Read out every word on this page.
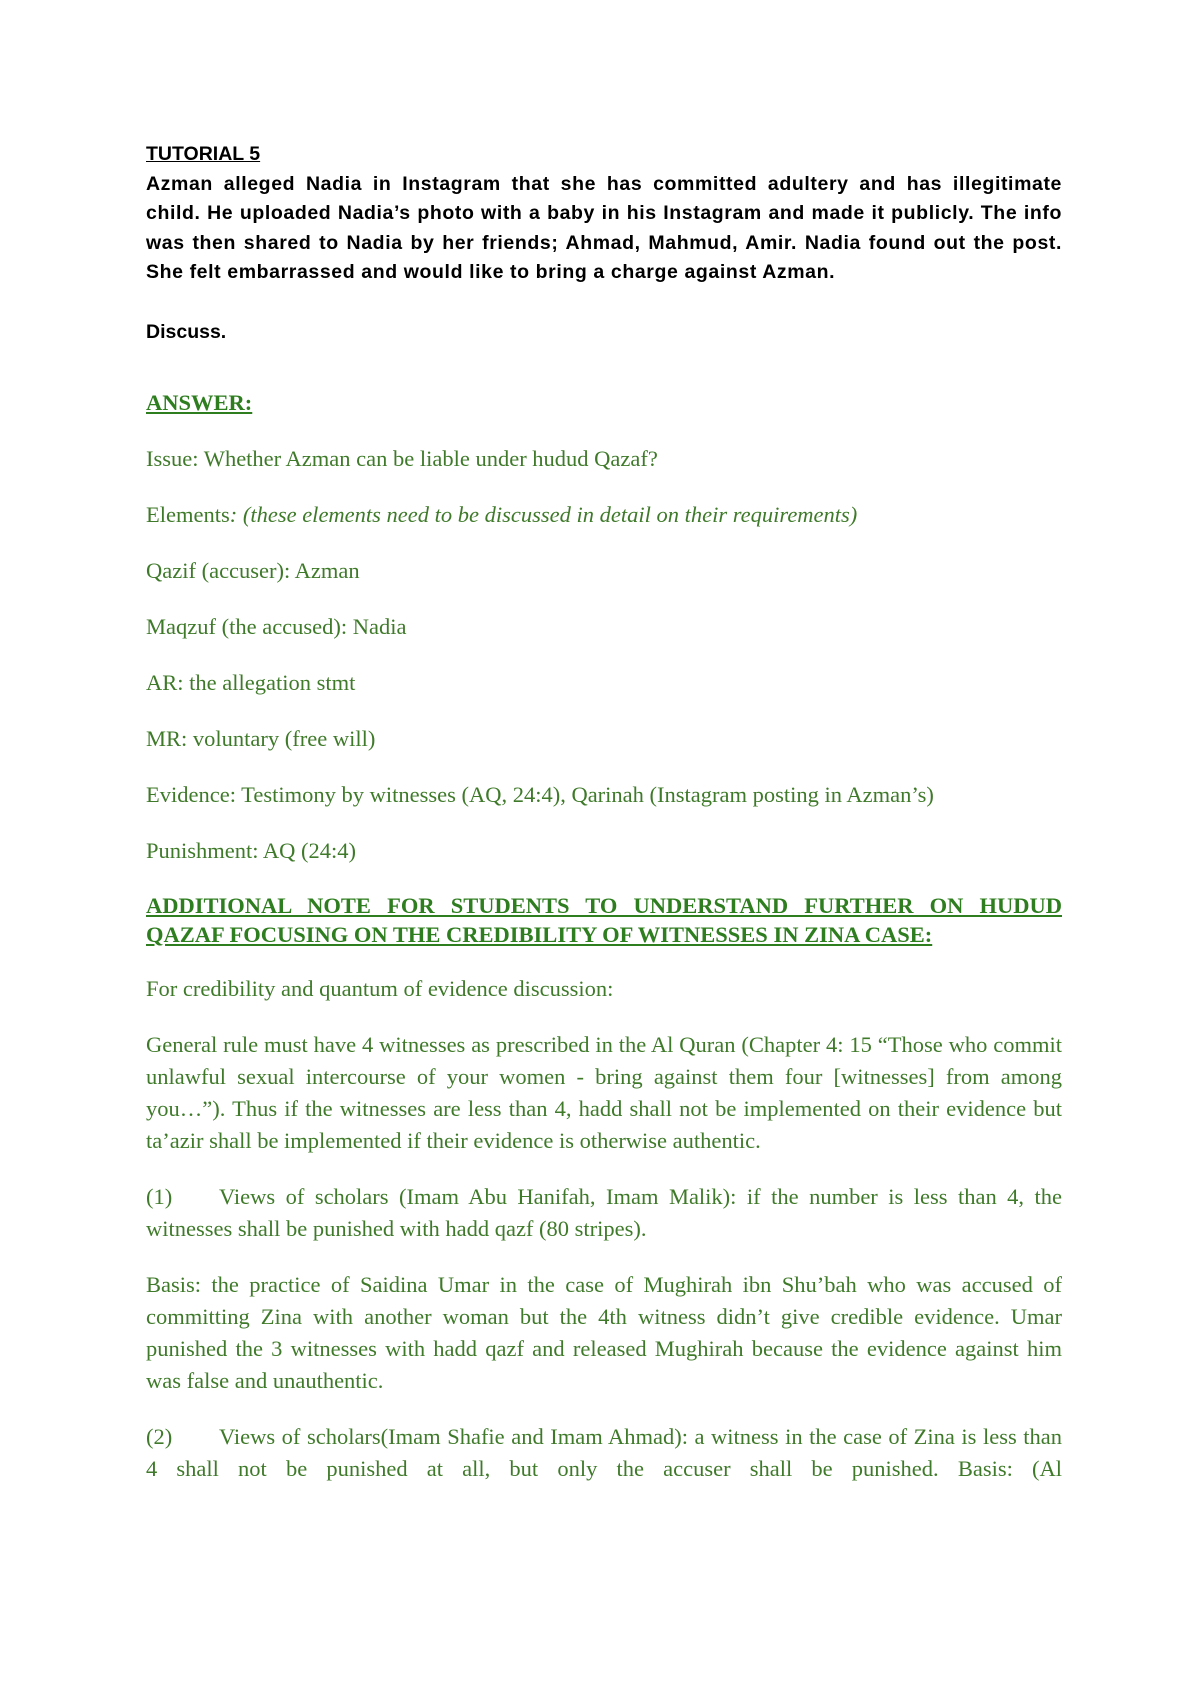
TUTORIAL 5

Azman alleged Nadia in Instagram that she has committed adultery and has illegitimate child. He uploaded Nadia’s photo with a baby in his Instagram and made it publicly. The info was then shared to Nadia by her friends; Ahmad, Mahmud, Amir. Nadia found out the post. She felt embarrassed and would like to bring a charge against Azman.

Discuss.

ANSWER:

Issue: Whether Azman can be liable under hudud Qazaf?

Elements: (these elements need to be discussed in detail on their requirements)

Qazif (accuser): Azman

Maqzuf (the accused): Nadia

AR: the allegation stmt

MR: voluntary (free will)

Evidence: Testimony by witnesses (AQ, 24:4), Qarinah (Instagram posting in Azman’s)

Punishment: AQ (24:4)

ADDITIONAL NOTE FOR STUDENTS TO UNDERSTAND FURTHER ON HUDUD QAZAF FOCUSING ON THE CREDIBILITY OF WITNESSES IN ZINA CASE:

For credibility and quantum of evidence discussion:

General rule must have 4 witnesses as prescribed in the Al Quran (Chapter 4: 15 “Those who commit unlawful sexual intercourse of your women - bring against them four [witnesses] from among you…”). Thus if the witnesses are less than 4, hadd shall not be implemented on their evidence but ta’azir shall be implemented if their evidence is otherwise authentic.

(1) Views of scholars (Imam Abu Hanifah, Imam Malik): if the number is less than 4, the witnesses shall be punished with hadd qazf (80 stripes).

Basis: the practice of Saidina Umar in the case of Mughirah ibn Shu’bah who was accused of committing Zina with another woman but the 4th witness didn’t give credible evidence. Umar punished the 3 witnesses with hadd qazf and released Mughirah because the evidence against him was false and unauthentic.

(2) Views of scholars(Imam Shafie and Imam Ahmad): a witness in the case of Zina is less than 4 shall not be punished at all, but only the accuser shall be punished. Basis: (Al
